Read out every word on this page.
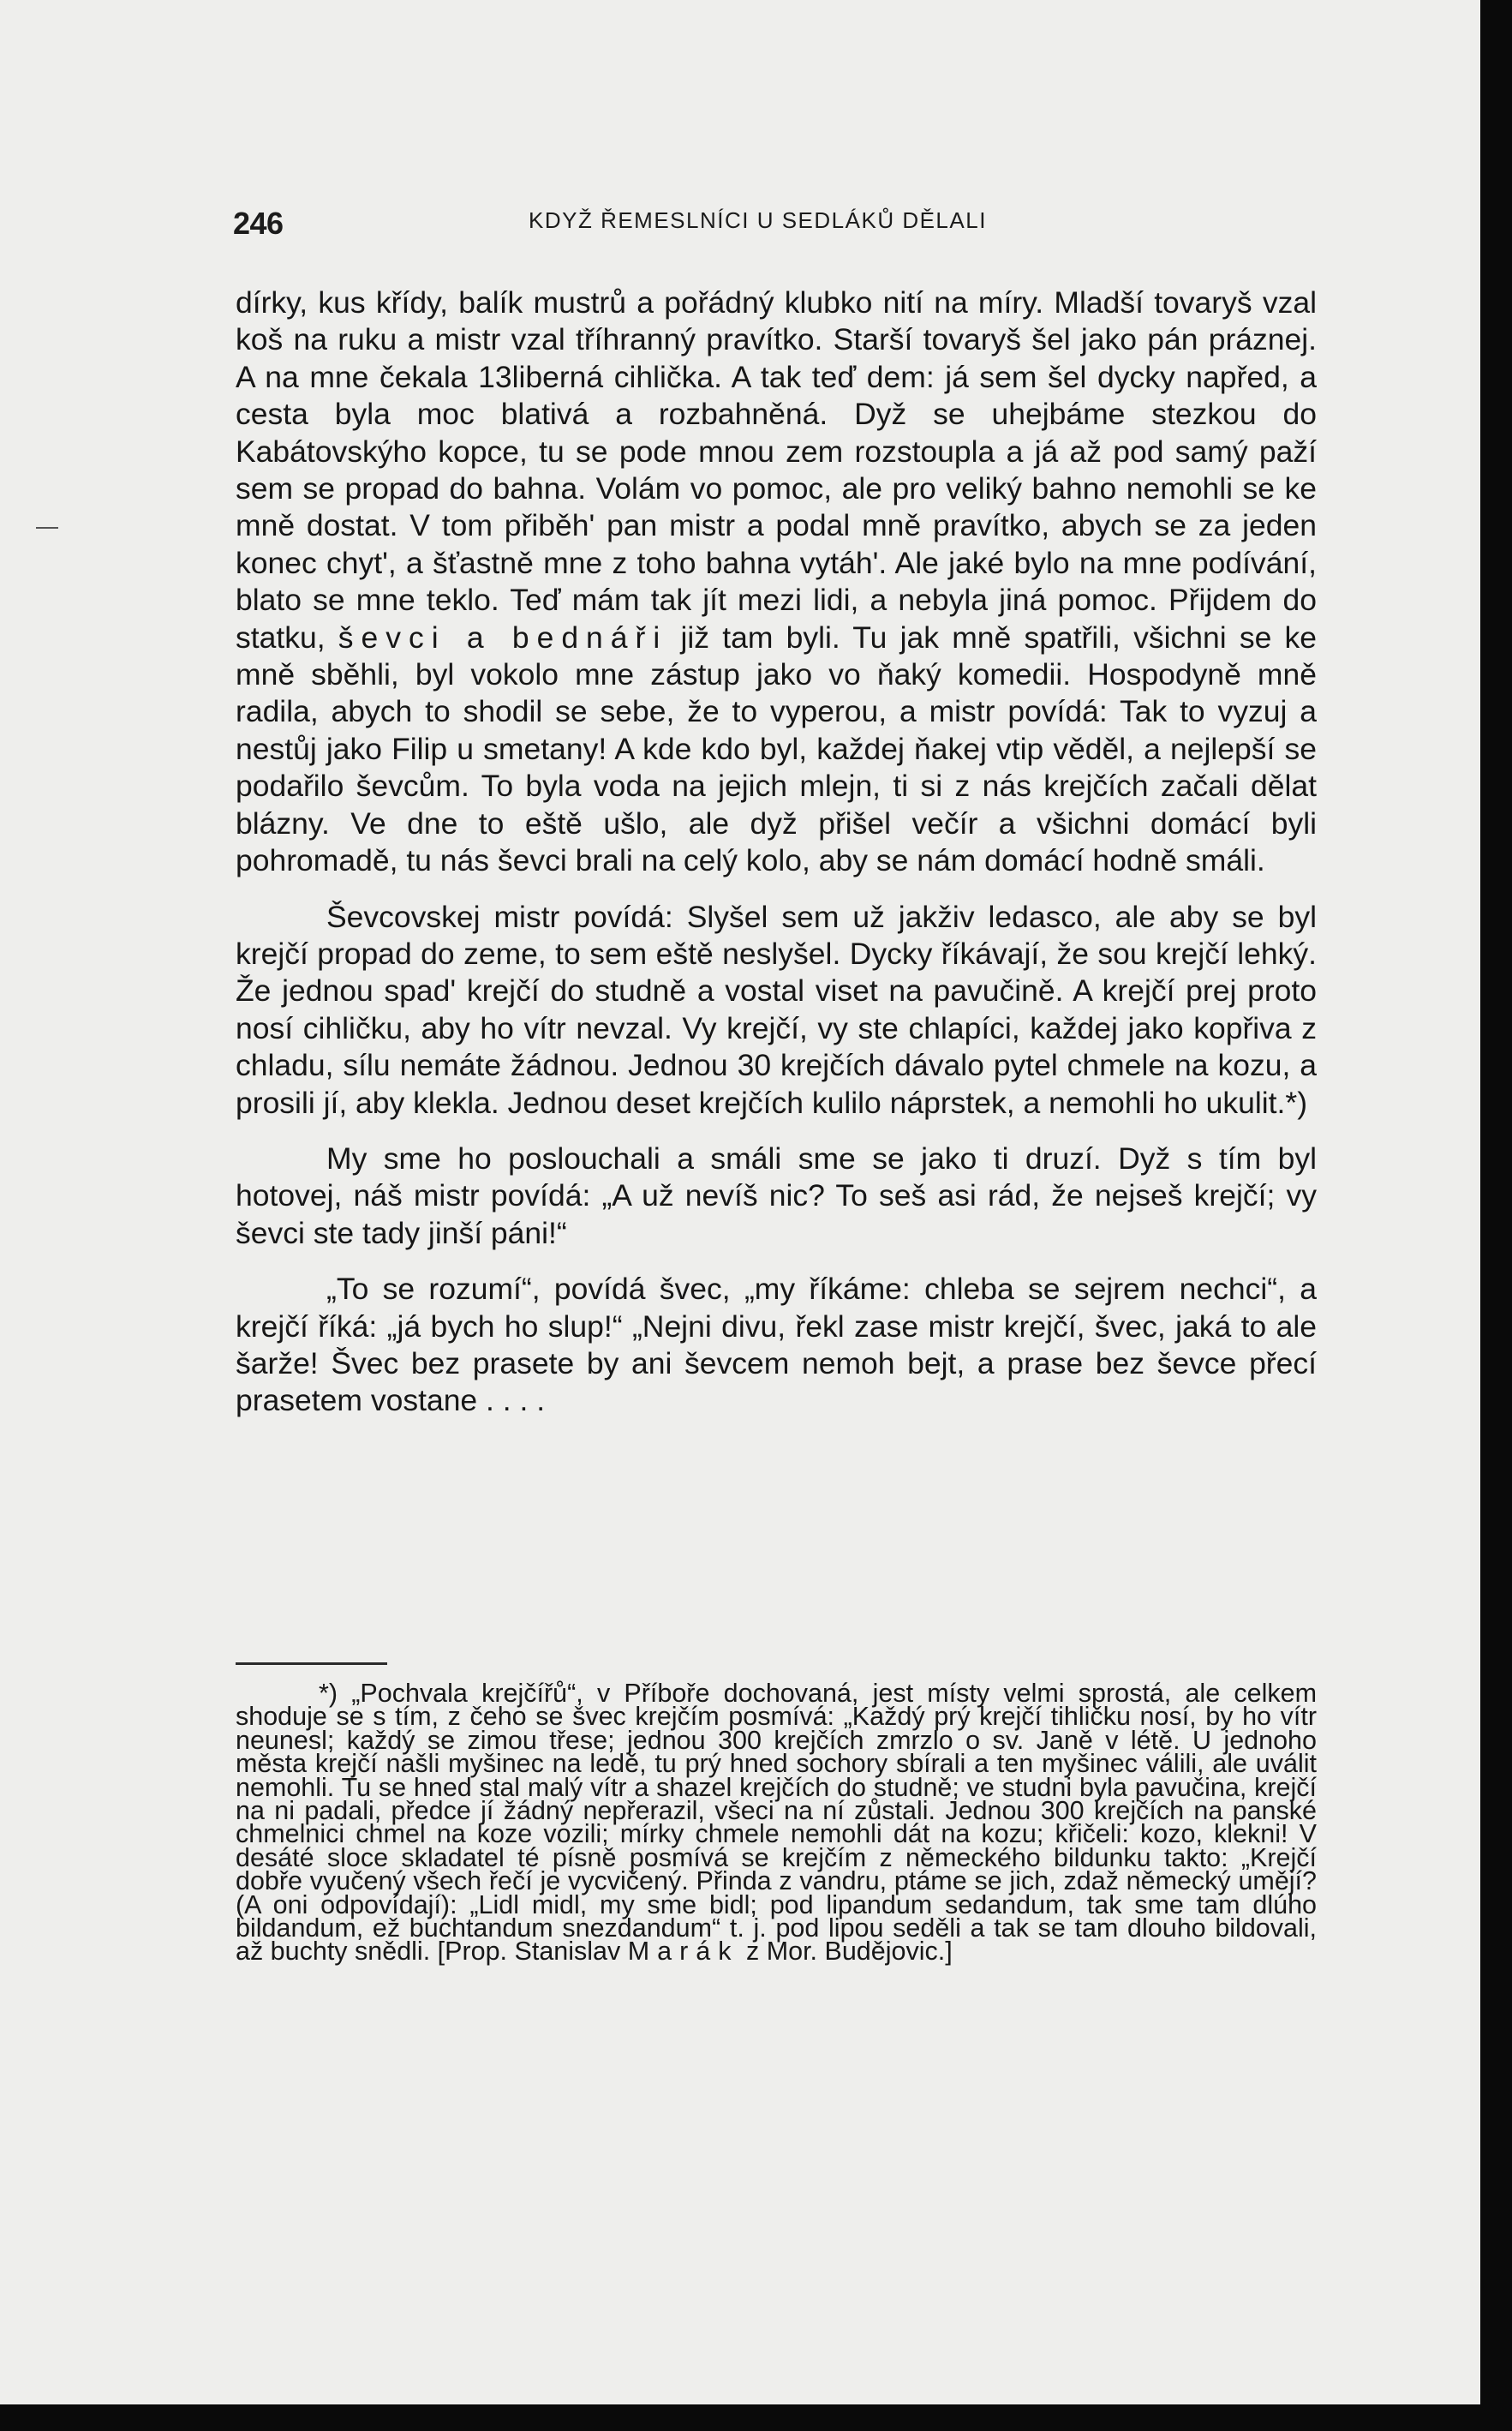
246	KDYŽ ŘEMESLNÍCI U SEDLÁKŮ DĚLALI

dírky, kus křídy, balík mustrů a pořádný klubko nití na míry. Mladší tovaryš vzal koš na ruku a mistr vzal tříhranný pravítko. Starší tovaryš šel jako pán práznej. A na mne čekala 13liberná cihlička. A tak teď dem: já sem šel dycky napřed, a cesta byla moc blativá a rozbahněná. Dyž se uhejbáme stezkou do Kabátovskýho kopce, tu se pode mnou zem rozstoupla a já až pod samý paží sem se propad do bahna. Volám vo pomoc, ale pro veliký bahno nemohli se ke mně dostat. V tom přiběh' pan mistr a podal mně pravítko, abych se za jeden konec chyt', a šťastně mne z toho bahna vytáh'. Ale jaké bylo na mne podívání, blato se mne teklo. Teď mám tak jít mezi lidi, a nebyla jiná pomoc. Přijdem do statku, ševci a bednáři již tam byli. Tu jak mně spatřili, všichni se ke mně sběhli, byl vokolo mne zástup jako vo ňaký komedii. Hospodyně mně radila, abych to shodil se sebe, že to vyperou, a mistr povídá: Tak to vyzuj a nestůj jako Filip u smetany! A kde kdo byl, každej ňakej vtip věděl, a nejlepší se podařilo ševcům. To byla voda na jejich mlejn, ti si z nás krejčích začali dělat blázny. Ve dne to eště ušlo, ale dyž přišel večír a všichni domácí byli pohromadě, tu nás ševci brali na celý kolo, aby se nám domácí hodně smáli.

Ševcovskej mistr povídá: Slyšel sem už jakživ ledasco, ale aby se byl krejčí propad do zeme, to sem eště neslyšel. Dycky říkávají, že sou krejčí lehký. Že jednou spad' krejčí do studně a vostal viset na pavučině. A krejčí prej proto nosí cihličku, aby ho vítr nevzal. Vy krejčí, vy ste chlapíci, každej jako kopřiva z chladu, sílu nemáte žádnou. Jednou 30 krejčích dávalo pytel chmele na kozu, a prosili jí, aby klekla. Jednou deset krejčích kulilo náprstek, a nemohli ho ukulit.*)

My sme ho poslouchali a smáli sme se jako ti druzí. Dyž s tím byl hotovej, náš mistr povídá: „A už nevíš nic? To seš asi rád, že nejseš krejčí; vy ševci ste tady jinší páni!“

„To se rozumí“, povídá švec, „my říkáme: chleba se sejrem nechci“, a krejčí říká: „já bych ho slup!“ „Nejni divu, řekl zase mistr krejčí, švec, jaká to ale šarže! Švec bez prasete by ani ševcem nemoh bejt, a prase bez ševce přecí prasetem vostane . . . .

*) „Pochvala krejčířů“, v Příboře dochovaná, jest místy velmi sprostá, ale celkem shoduje se s tím, z čeho se švec krejčím posmívá: „Každý prý krejčí tihličku nosí, by ho vítr neunesl; každý se zimou třese; jednou 300 krejčích zmrzlo o sv. Janě v létě. U jednoho města krejčí našli myšinec na ledě, tu prý hned sochory sbírali a ten myšinec válili, ale uválit nemohli. Tu se hned stal malý vítr a shazel krejčích do studně; ve studni byla pavučina, krejčí na ni padali, předce jí žádný nepřerazil, všeci na ní zůstali. Jednou 300 krejčích na panské chmelnici chmel na koze vozili; mírky chmele nemohli dát na kozu; křičeli: kozo, klekni! V desáté sloce skladatel té písně posmívá se krejčím z německého bildunku takto: „Krejčí dobře vyučený všech řečí je vycvičený. Přinda z vandru, ptáme se jich, zdaž německý umějí? (A oni odpovídají): „Lidl midl, my sme bidl; pod lipandum sedandum, tak sme tam dlúho bildandum, ež buchtandum snezdandum“ t. j. pod lipou seděli a tak se tam dlouho bildovali, až buchty snědli. [Prop. Stanislav Marák z Mor. Budějovic.]
